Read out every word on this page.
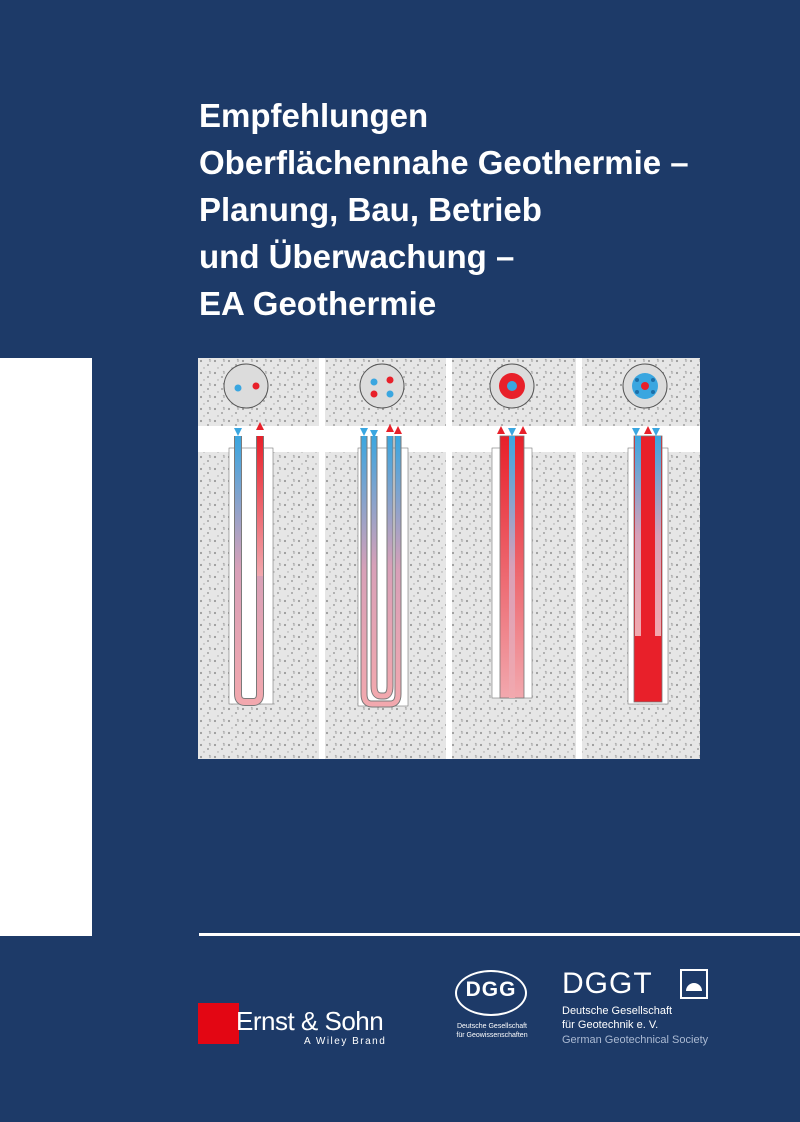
Empfehlungen
Oberflächennahe Geothermie –
Planung, Bau, Betrieb
und Überwachung –
EA Geothermie
Ernst & Sohn
A Wiley Brand
DGG
Deutsche Gesellschaft
für Geowissenschaften
DGGT
Deutsche Gesellschaft
für Geotechnik e. V.
German Geotechnical Society
